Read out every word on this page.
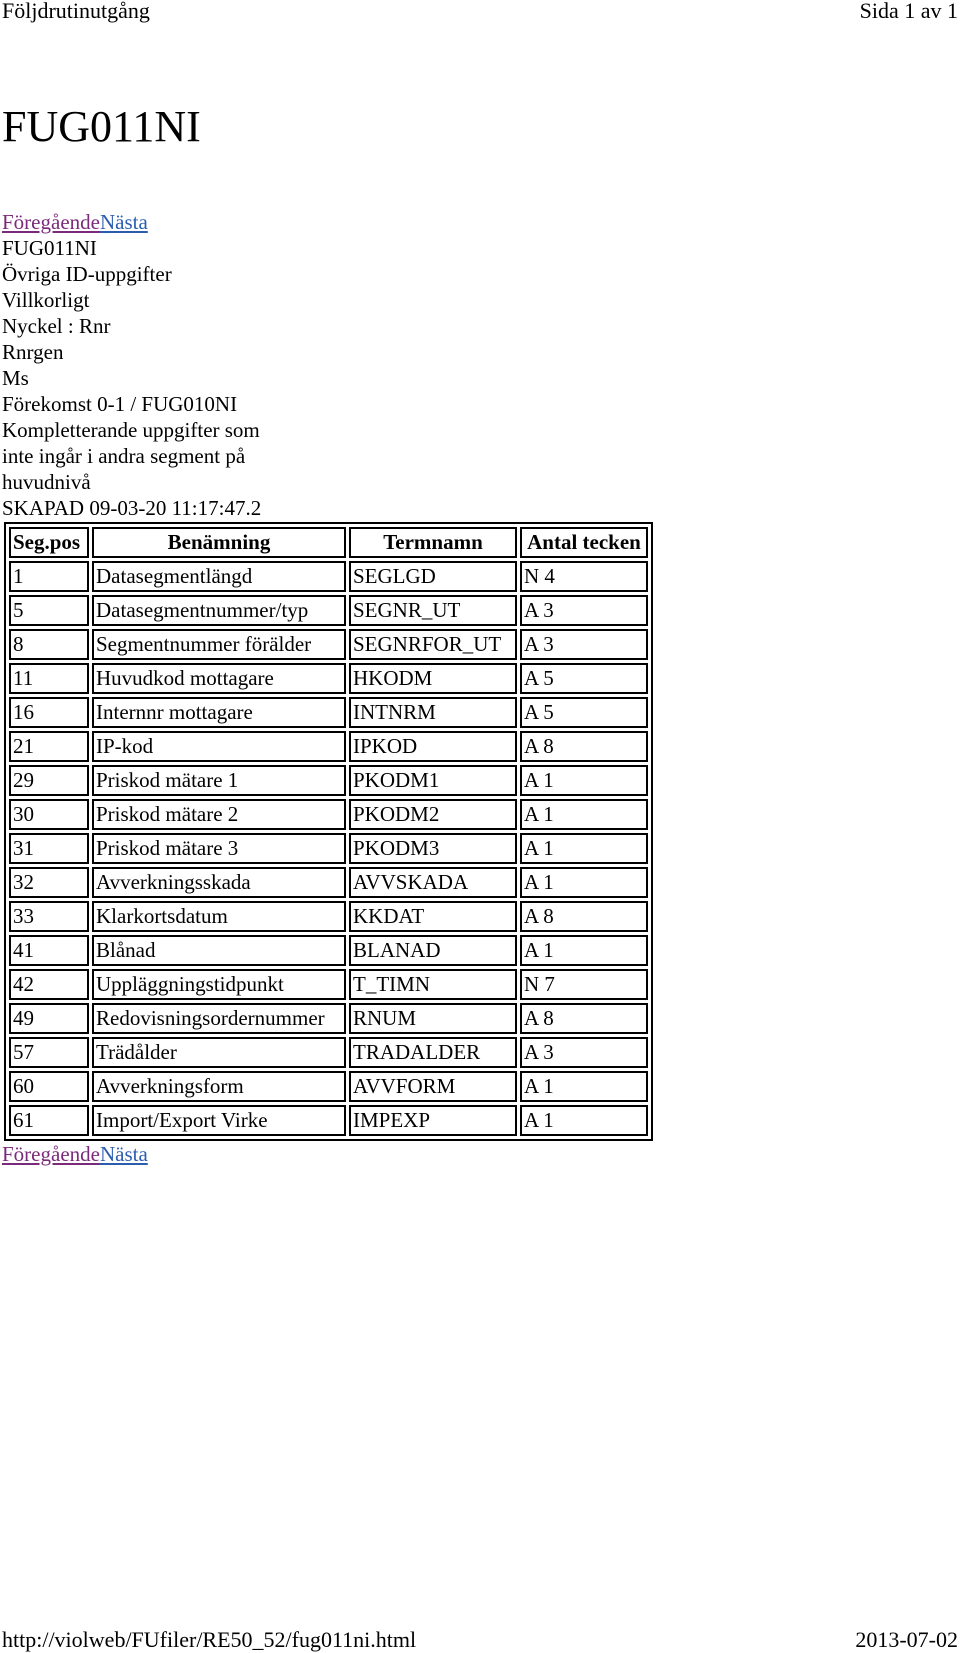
Följdrutinutgång	Sida 1 av 1
FUG011NI
FöregåendeNästa
FUG011NI
Övriga ID-uppgifter
Villkorligt
Nyckel : Rnr
Rnrgen
Ms
Förekomst 0-1 / FUG010NI
Kompletterande uppgifter som
inte ingår i andra segment på
huvudnivå
SKAPAD 09-03-20 11:17:47.2
Seg.pos	Benämning	Termnamn	Antal tecken
1	Datasegmentlängd	SEGLGD	N 4
5	Datasegmentnummer/typ	SEGNR_UT	A 3
8	Segmentnummer förälder	SEGNRFOR_UT	A 3
11	Huvudkod mottagare	HKODM	A 5
16	Internnr mottagare	INTNRM	A 5
21	IP-kod	IPKOD	A 8
29	Priskod mätare 1	PKODM1	A 1
30	Priskod mätare 2	PKODM2	A 1
31	Priskod mätare 3	PKODM3	A 1
32	Avverkningsskada	AVVSKADA	A 1
33	Klarkortsdatum	KKDAT	A 8
41	Blånad	BLANAD	A 1
42	Uppläggningstidpunkt	T_TIMN	N 7
49	Redovisningsordernummer	RNUM	A 8
57	Trädålder	TRADALDER	A 3
60	Avverkningsform	AVVFORM	A 1
61	Import/Export Virke	IMPEXP	A 1
FöregåendeNästa
http://violweb/FUfiler/RE50_52/fug011ni.html	2013-07-02
